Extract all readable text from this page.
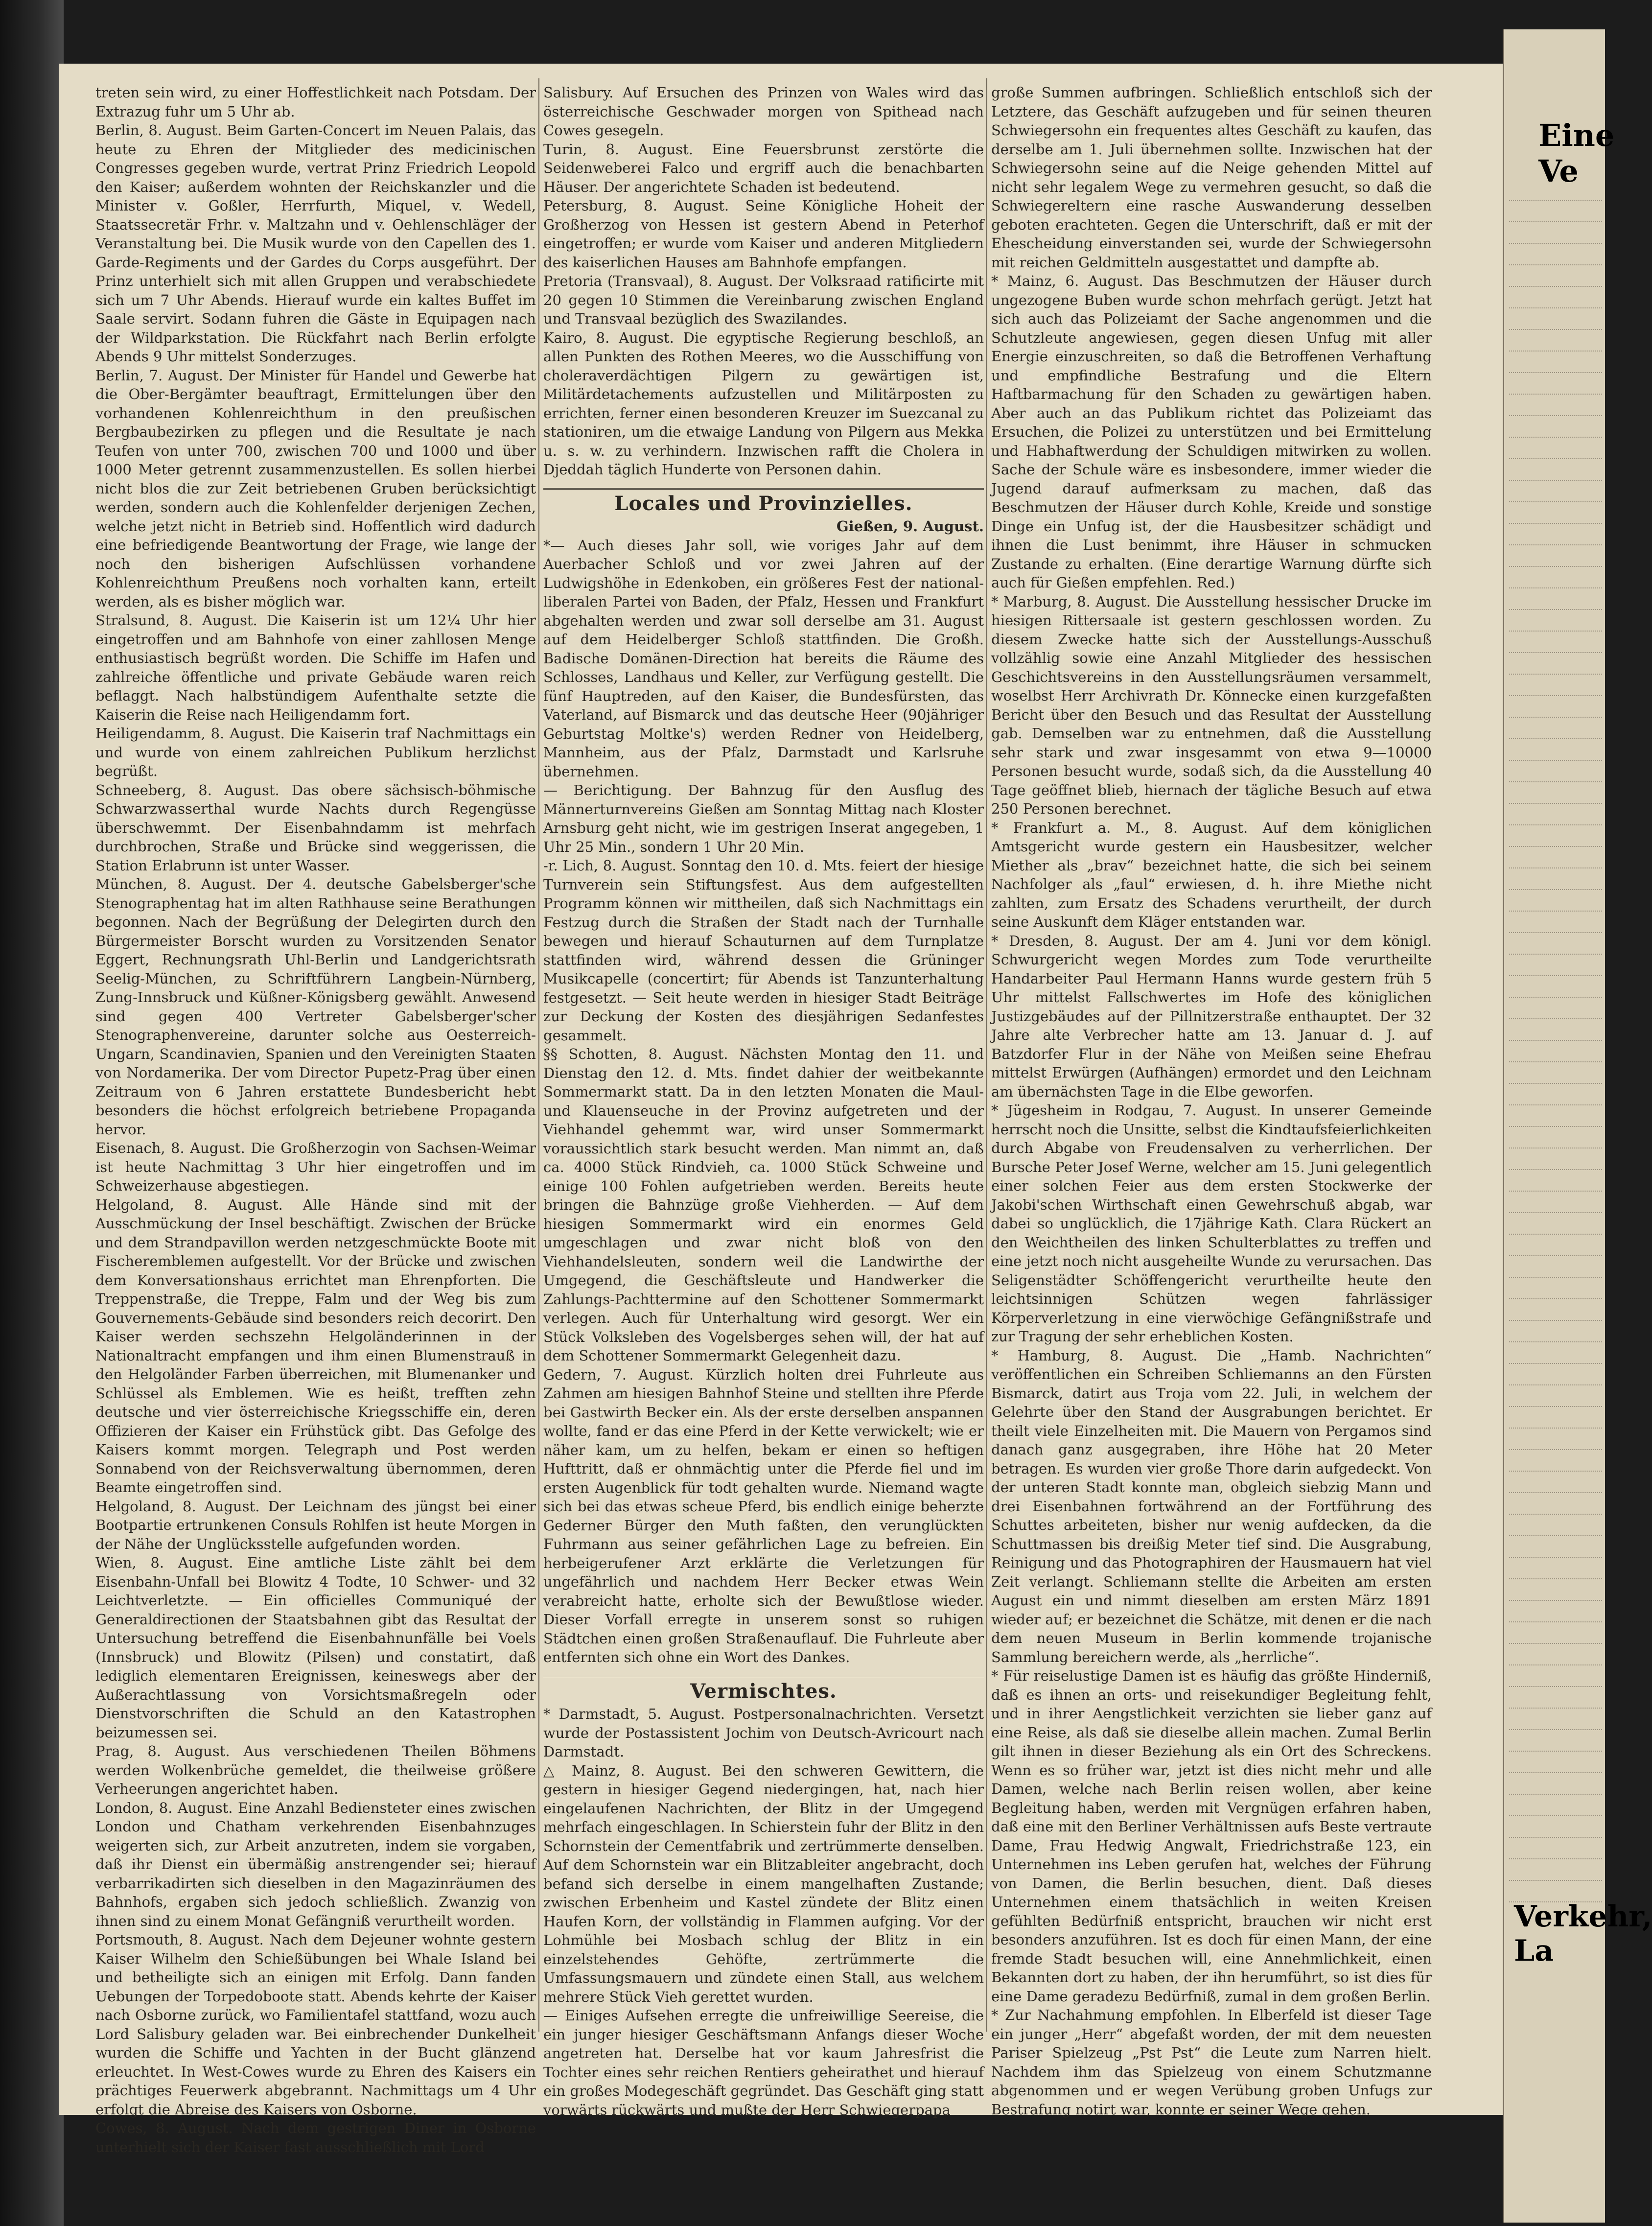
treten sein wird, zu einer Hoffestlichkeit nach Potsdam. Der Extrazug fuhr um 5 Uhr ab.

Berlin, 8. August. Beim Garten-Concert im Neuen Palais, das heute zu Ehren der Mitglieder des medicinischen Congresses gegeben wurde, vertrat Prinz Friedrich Leopold den Kaiser; außerdem wohnten der Reichskanzler und die Minister v. Goßler, Herrfurth, Miquel, v. Wedell, Staatssecretär Frhr. v. Maltzahn und v. Oehlenschläger der Veranstaltung bei. Die Musik wurde von den Capellen des 1. Garde-Regiments und der Gardes du Corps ausgeführt. Der Prinz unterhielt sich mit allen Gruppen und verabschiedete sich um 7 Uhr Abends. Hierauf wurde ein kaltes Buffet im Saale servirt. Sodann fuhren die Gäste in Equipagen nach der Wildparkstation. Die Rückfahrt nach Berlin erfolgte Abends 9 Uhr mittelst Sonderzuges.

Berlin, 7. August. Der Minister für Handel und Gewerbe hat die Ober-Bergämter beauftragt, Ermittelungen über den vorhandenen Kohlenreichthum in den preußischen Bergbaubezirken zu pflegen und die Resultate je nach Teufen von unter 700, zwischen 700 und 1000 und über 1000 Meter getrennt zusammenzustellen. Es sollen hierbei nicht blos die zur Zeit betriebenen Gruben berücksichtigt werden, sondern auch die Kohlenfelder derjenigen Zechen, welche jetzt nicht in Betrieb sind. Hoffentlich wird dadurch eine befriedigende Beantwortung der Frage, wie lange der noch den bisherigen Aufschlüssen vorhandene Kohlenreichthum Preußens noch vorhalten kann, erteilt werden, als es bisher möglich war.

Stralsund, 8. August. Die Kaiserin ist um 12¼ Uhr hier eingetroffen und am Bahnhofe von einer zahllosen Menge enthusiastisch begrüßt worden. Die Schiffe im Hafen und zahlreiche öffentliche und private Gebäude waren reich beflaggt. Nach halbstündigem Aufenthalte setzte die Kaiserin die Reise nach Heiligendamm fort.

Heiligendamm, 8. August. Die Kaiserin traf Nachmittags ein und wurde von einem zahlreichen Publikum herzlichst begrüßt.

Schneeberg, 8. August. Das obere sächsisch-böhmische Schwarzwasserthal wurde Nachts durch Regengüsse überschwemmt. Der Eisenbahndamm ist mehrfach durchbrochen, Straße und Brücke sind weggerissen, die Station Erlabrunn ist unter Wasser.

München, 8. August. Der 4. deutsche Gabelsberger'sche Stenographentag hat im alten Rathhause seine Berathungen begonnen. Nach der Begrüßung der Delegirten durch den Bürgermeister Borscht wurden zu Vorsitzenden Senator Eggert, Rechnungsrath Uhl-Berlin und Landgerichtsrath Seelig-München, zu Schriftführern Langbein-Nürnberg, Zung-Innsbruck und Küßner-Königsberg gewählt. Anwesend sind gegen 400 Vertreter Gabelsberger'scher Stenographenvereine, darunter solche aus Oesterreich-Ungarn, Scandinavien, Spanien und den Vereinigten Staaten von Nordamerika. Der vom Director Pupetz-Prag über einen Zeitraum von 6 Jahren erstattete Bundesbericht hebt besonders die höchst erfolgreich betriebene Propaganda hervor.

Eisenach, 8. August. Die Großherzogin von Sachsen-Weimar ist heute Nachmittag 3 Uhr hier eingetroffen und im Schweizerhause abgestiegen.

Helgoland, 8. August. Alle Hände sind mit der Ausschmückung der Insel beschäftigt. Zwischen der Brücke und dem Strandpavillon werden netzgeschmückte Boote mit Fischeremblemen aufgestellt. Vor der Brücke und zwischen dem Konversationshaus errichtet man Ehrenpforten. Die Treppenstraße, die Treppe, Falm und der Weg bis zum Gouvernements-Gebäude sind besonders reich decorirt. Den Kaiser werden sechszehn Helgoländerinnen in der Nationaltracht empfangen und ihm einen Blumenstrauß in den Helgoländer Farben überreichen, mit Blumenanker und Schlüssel als Emblemen. Wie es heißt, trefften zehn deutsche und vier österreichische Kriegsschiffe ein, deren Offizieren der Kaiser ein Frühstück gibt. Das Gefolge des Kaisers kommt morgen. Telegraph und Post werden Sonnabend von der Reichsverwaltung übernommen, deren Beamte eingetroffen sind.

Helgoland, 8. August. Der Leichnam des jüngst bei einer Bootpartie ertrunkenen Consuls Rohlfen ist heute Morgen in der Nähe der Unglücksstelle aufgefunden worden.

Wien, 8. August. Eine amtliche Liste zählt bei dem Eisenbahn-Unfall bei Blowitz 4 Todte, 10 Schwer- und 32 Leichtverletzte. — Ein officielles Communiqué der Generaldirectionen der Staatsbahnen gibt das Resultat der Untersuchung betreffend die Eisenbahnunfälle bei Voels (Innsbruck) und Blowitz (Pilsen) und constatirt, daß lediglich elementaren Ereignissen, keineswegs aber der Außerachtlassung von Vorsichtsmaßregeln oder Dienstvorschriften die Schuld an den Katastrophen beizumessen sei.

Prag, 8. August. Aus verschiedenen Theilen Böhmens werden Wolkenbrüche gemeldet, die theilweise größere Verheerungen angerichtet haben.

London, 8. August. Eine Anzahl Bediensteter eines zwischen London und Chatham verkehrenden Eisenbahnzuges weigerten sich, zur Arbeit anzutreten, indem sie vorgaben, daß ihr Dienst ein übermäßig anstrengender sei; hierauf verbarrikadirten sich dieselben in den Magazinräumen des Bahnhofs, ergaben sich jedoch schließlich. Zwanzig von ihnen sind zu einem Monat Gefängniß verurtheilt worden.

Portsmouth, 8. August. Nach dem Dejeuner wohnte gestern Kaiser Wilhelm den Schießübungen bei Whale Island bei und betheiligte sich an einigen mit Erfolg. Dann fanden Uebungen der Torpedoboote statt. Abends kehrte der Kaiser nach Osborne zurück, wo Familientafel stattfand, wozu auch Lord Salisbury geladen war. Bei einbrechender Dunkelheit wurden die Schiffe und Yachten in der Bucht glänzend erleuchtet. In West-Cowes wurde zu Ehren des Kaisers ein prächtiges Feuerwerk abgebrannt. Nachmittags um 4 Uhr erfolgt die Abreise des Kaisers von Osborne.

Cowes, 8. August. Nach dem gestrigen Diner in Osborne unterhielt sich der Kaiser fast ausschließlich mit Lord

Salisbury. Auf Ersuchen des Prinzen von Wales wird das österreichische Geschwader morgen von Spithead nach Cowes gesegeln.

Turin, 8. August. Eine Feuersbrunst zerstörte die Seidenweberei Falco und ergriff auch die benachbarten Häuser. Der angerichtete Schaden ist bedeutend.

Petersburg, 8. August. Seine Königliche Hoheit der Großherzog von Hessen ist gestern Abend in Peterhof eingetroffen; er wurde vom Kaiser und anderen Mitgliedern des kaiserlichen Hauses am Bahnhofe empfangen.

Pretoria (Transvaal), 8. August. Der Volksraad ratificirte mit 20 gegen 10 Stimmen die Vereinbarung zwischen England und Transvaal bezüglich des Swazilandes.

Kairo, 8. August. Die egyptische Regierung beschloß, an allen Punkten des Rothen Meeres, wo die Ausschiffung von choleraverdächtigen Pilgern zu gewärtigen ist, Militärdetachements aufzustellen und Militärposten zu errichten, ferner einen besonderen Kreuzer im Suezcanal zu stationiren, um die etwaige Landung von Pilgern aus Mekka u. s. w. zu verhindern. Inzwischen rafft die Cholera in Djeddah täglich Hunderte von Personen dahin.

Locales und Provinzielles.

Gießen, 9. August.

*— Auch dieses Jahr soll, wie voriges Jahr auf dem Auerbacher Schloß und vor zwei Jahren auf der Ludwigshöhe in Edenkoben, ein größeres Fest der national-liberalen Partei von Baden, der Pfalz, Hessen und Frankfurt abgehalten werden und zwar soll derselbe am 31. August auf dem Heidelberger Schloß stattfinden. Die Großh. Badische Domänen-Direction hat bereits die Räume des Schlosses, Landhaus und Keller, zur Verfügung gestellt. Die fünf Hauptreden, auf den Kaiser, die Bundesfürsten, das Vaterland, auf Bismarck und das deutsche Heer (90jähriger Geburtstag Moltke's) werden Redner von Heidelberg, Mannheim, aus der Pfalz, Darmstadt und Karlsruhe übernehmen.

— Berichtigung. Der Bahnzug für den Ausflug des Männerturnvereins Gießen am Sonntag Mittag nach Kloster Arnsburg geht nicht, wie im gestrigen Inserat angegeben, 1 Uhr 25 Min., sondern 1 Uhr 20 Min.

-r. Lich, 8. August. Sonntag den 10. d. Mts. feiert der hiesige Turnverein sein Stiftungsfest. Aus dem aufgestellten Programm können wir mittheilen, daß sich Nachmittags ein Festzug durch die Straßen der Stadt nach der Turnhalle bewegen und hierauf Schauturnen auf dem Turnplatze stattfinden wird, während dessen die Grüninger Musikcapelle (concertirt; für Abends ist Tanzunterhaltung festgesetzt. — Seit heute werden in hiesiger Stadt Beiträge zur Deckung der Kosten des diesjährigen Sedanfestes gesammelt.

§§ Schotten, 8. August. Nächsten Montag den 11. und Dienstag den 12. d. Mts. findet dahier der weitbekannte Sommermarkt statt. Da in den letzten Monaten die Maul- und Klauenseuche in der Provinz aufgetreten und der Viehhandel gehemmt war, wird unser Sommermarkt voraussichtlich stark besucht werden. Man nimmt an, daß ca. 4000 Stück Rindvieh, ca. 1000 Stück Schweine und einige 100 Fohlen aufgetrieben werden. Bereits heute bringen die Bahnzüge große Viehherden. — Auf dem hiesigen Sommermarkt wird ein enormes Geld umgeschlagen und zwar nicht bloß von den Viehhandelsleuten, sondern weil die Landwirthe der Umgegend, die Geschäftsleute und Handwerker die Zahlungs-Pachtterminе auf den Schottener Sommermarkt verlegen. Auch für Unterhaltung wird gesorgt. Wer ein Stück Volksleben des Vogelsberges sehen will, der hat auf dem Schottener Sommermarkt Gelegenheit dazu.

Gedern, 7. August. Kürzlich holten drei Fuhrleute aus Zahmen am hiesigen Bahnhof Steine und stellten ihre Pferde bei Gastwirth Becker ein. Als der erste derselben anspannen wollte, fand er das eine Pferd in der Kette verwickelt; wie er näher kam, um zu helfen, bekam er einen so heftigen Hufttritt, daß er ohnmächtig unter die Pferde fiel und im ersten Augenblick für todt gehalten wurde. Niemand wagte sich bei das etwas scheue Pferd, bis endlich einige beherzte Gederner Bürger den Muth faßten, den verunglückten Fuhrmann aus seiner gefährlichen Lage zu befreien. Ein herbeigerufener Arzt erklärte die Verletzungen für ungefährlich und nachdem Herr Becker etwas Wein verabreicht hatte, erholte sich der Bewußtlose wieder. Dieser Vorfall erregte in unserem sonst so ruhigen Städtchen einen großen Straßenauflauf. Die Fuhrleute aber entfernten sich ohne ein Wort des Dankes.

Vermischtes.

* Darmstadt, 5. August. Postpersonalnachrichten. Versetzt wurde der Postassistent Jochim von Deutsch-Avricourt nach Darmstadt.

△ Mainz, 8. August. Bei den schweren Gewittern, die gestern in hiesiger Gegend niedergingen, hat, nach hier eingelaufenen Nachrichten, der Blitz in der Umgegend mehrfach eingeschlagen. In Schierstein fuhr der Blitz in den Schornstein der Cementfabrik und zertrümmerte denselben. Auf dem Schornstein war ein Blitzableiter angebracht, doch befand sich derselbe in einem mangelhaften Zustande; zwischen Erbenheim und Kastel zündete der Blitz einen Haufen Korn, der vollständig in Flammen aufging. Vor der Lohmühle bei Mosbach schlug der Blitz in ein einzelstehendes Gehöfte, zertrümmerte die Umfassungsmauern und zündete einen Stall, aus welchem mehrere Stück Vieh gerettet wurden.

— Einiges Aufsehen erregte die unfreiwillige Seereise, die ein junger hiesiger Geschäftsmann Anfangs dieser Woche angetreten hat. Derselbe hat vor kaum Jahresfrist die Tochter eines sehr reichen Rentiers geheirathet und hierauf ein großes Modegeschäft gegründet. Das Geschäft ging statt vorwärts rückwärts und mußte der Herr Schwiegerpapa

große Summen aufbringen. Schließlich entschloß sich der Letztere, das Geschäft aufzugeben und für seinen theuren Schwiegersohn ein frequentes altes Geschäft zu kaufen, das derselbe am 1. Juli übernehmen sollte. Inzwischen hat der Schwiegersohn seine auf die Neige gehenden Mittel auf nicht sehr legalem Wege zu vermehren gesucht, so daß die Schwiegereltern eine rasche Auswanderung desselben geboten erachteten. Gegen die Unterschrift, daß er mit der Ehescheidung einverstanden sei, wurde der Schwiegersohn mit reichen Geldmitteln ausgestattet und dampfte ab.

* Mainz, 6. August. Das Beschmutzen der Häuser durch ungezogene Buben wurde schon mehrfach gerügt. Jetzt hat sich auch das Polizeiamt der Sache angenommen und die Schutzleute angewiesen, gegen diesen Unfug mit aller Energie einzuschreiten, so daß die Betroffenen Verhaftung und empfindliche Bestrafung und die Eltern Haftbarmachung für den Schaden zu gewärtigen haben. Aber auch an das Publikum richtet das Polizeiamt das Ersuchen, die Polizei zu unterstützen und bei Ermittelung und Habhaftwerdung der Schuldigen mitwirken zu wollen. Sache der Schule wäre es insbesondere, immer wieder die Jugend darauf aufmerksam zu machen, daß das Beschmutzen der Häuser durch Kohle, Kreide und sonstige Dinge ein Unfug ist, der die Hausbesitzer schädigt und ihnen die Lust benimmt, ihre Häuser in schmucken Zustande zu erhalten. (Eine derartige Warnung dürfte sich auch für Gießen empfehlen. Red.)

* Marburg, 8. August. Die Ausstellung hessischer Drucke im hiesigen Rittersaale ist gestern geschlossen worden. Zu diesem Zwecke hatte sich der Ausstellungs-Ausschuß vollzählig sowie eine Anzahl Mitglieder des hessischen Geschichtsvereins in den Ausstellungsräumen versammelt, woselbst Herr Archivrath Dr. Könnecke einen kurzgefaßten Bericht über den Besuch und das Resultat der Ausstellung gab. Demselben war zu entnehmen, daß die Ausstellung sehr stark und zwar insgesammt von etwa 9—10000 Personen besucht wurde, sodaß sich, da die Ausstellung 40 Tage geöffnet blieb, hiernach der tägliche Besuch auf etwa 250 Personen berechnet.

* Frankfurt a. M., 8. August. Auf dem königlichen Amtsgericht wurde gestern ein Hausbesitzer, welcher Miether als „brav“ bezeichnet hatte, die sich bei seinem Nachfolger als „faul“ erwiesen, d. h. ihre Miethe nicht zahlten, zum Ersatz des Schadens verurtheilt, der durch seine Auskunft dem Kläger entstanden war.

* Dresden, 8. August. Der am 4. Juni vor dem königl. Schwurgericht wegen Mordes zum Tode verurtheilte Handarbeiter Paul Hermann Hanns wurde gestern früh 5 Uhr mittelst Fallschwertes im Hofe des königlichen Justizgebäudes auf der Pillnitzerstraße enthauptet. Der 32 Jahre alte Verbrecher hatte am 13. Januar d. J. auf Batzdorfer Flur in der Nähe von Meißen seine Ehefrau mittelst Erwürgen (Aufhängen) ermordet und den Leichnam am übernächsten Tage in die Elbe geworfen.

* Jügesheim in Rodgau, 7. August. In unserer Gemeinde herrscht noch die Unsitte, selbst die Kindtaufsfeierlichkeiten durch Abgabe von Freudensalven zu verherrlichen. Der Bursche Peter Josef Werne, welcher am 15. Juni gelegentlich einer solchen Feier aus dem ersten Stockwerke der Jakobi'schen Wirthschaft einen Gewehrschuß abgab, war dabei so unglücklich, die 17jährige Kath. Clara Rückert an den Weichtheilen des linken Schulterblattes zu treffen und eine jetzt noch nicht ausgeheilte Wunde zu verursachen. Das Seligenstädter Schöffengericht verurtheilte heute den leichtsinnigen Schützen wegen fahrlässiger Körperverletzung in eine vierwöchige Gefängnißstrafe und zur Tragung der sehr erheblichen Kosten.

* Hamburg, 8. August. Die „Hamb. Nachrichten“ veröffentlichen ein Schreiben Schliemanns an den Fürsten Bismarck, datirt aus Troja vom 22. Juli, in welchem der Gelehrte über den Stand der Ausgrabungen berichtet. Er theilt viele Einzelheiten mit. Die Mauern von Pergamos sind danach ganz ausgegraben, ihre Höhe hat 20 Meter betragen. Es wurden vier große Thore darin aufgedeckt. Von der unteren Stadt konnte man, obgleich siebzig Mann und drei Eisenbahnen fortwährend an der Fortführung des Schuttes arbeiteten, bisher nur wenig aufdecken, da die Schuttmassen bis dreißig Meter tief sind. Die Ausgrabung, Reinigung und das Photographiren der Hausmauern hat viel Zeit verlangt. Schliemann stellte die Arbeiten am ersten August ein und nimmt dieselben am ersten März 1891 wieder auf; er bezeichnet die Schätze, mit denen er die nach dem neuen Museum in Berlin kommende trojanische Sammlung bereichern werde, als „herrliche“.

* Für reiselustige Damen ist es häufig das größte Hinderniß, daß es ihnen an orts- und reisekundiger Begleitung fehlt, und in ihrer Aengstlichkeit verzichten sie lieber ganz auf eine Reise, als daß sie dieselbe allein machen. Zumal Berlin gilt ihnen in dieser Beziehung als ein Ort des Schreckens. Wenn es so früher war, jetzt ist dies nicht mehr und alle Damen, welche nach Berlin reisen wollen, aber keine Begleitung haben, werden mit Vergnügen erfahren haben, daß eine mit den Berliner Verhältnissen aufs Beste vertraute Dame, Frau Hedwig Angwalt, Friedrichstraße 123, ein Unternehmen ins Leben gerufen hat, welches der Führung von Damen, die Berlin besuchen, dient. Daß dieses Unternehmen einem thatsächlich in weiten Kreisen gefühlten Bedürfniß entspricht, brauchen wir nicht erst besonders anzuführen. Ist es doch für einen Mann, der eine fremde Stadt besuchen will, eine Annehmlichkeit, einen Bekannten dort zu haben, der ihn herumführt, so ist dies für eine Dame geradezu Bedürfniß, zumal in dem großen Berlin.

* Zur Nachahmung empfohlen. In Elberfeld ist dieser Tage ein junger „Herr“ abgefaßt worden, der mit dem neuesten Pariser Spielzeug „Pst Pst“ die Leute zum Narren hielt. Nachdem ihm das Spielzeug von einem Schutzmanne abgenommen und er wegen Verübung groben Unfugs zur Bestrafung notirt war, konnte er seiner Wege gehen.

Eine Ve
Verkehr, La
